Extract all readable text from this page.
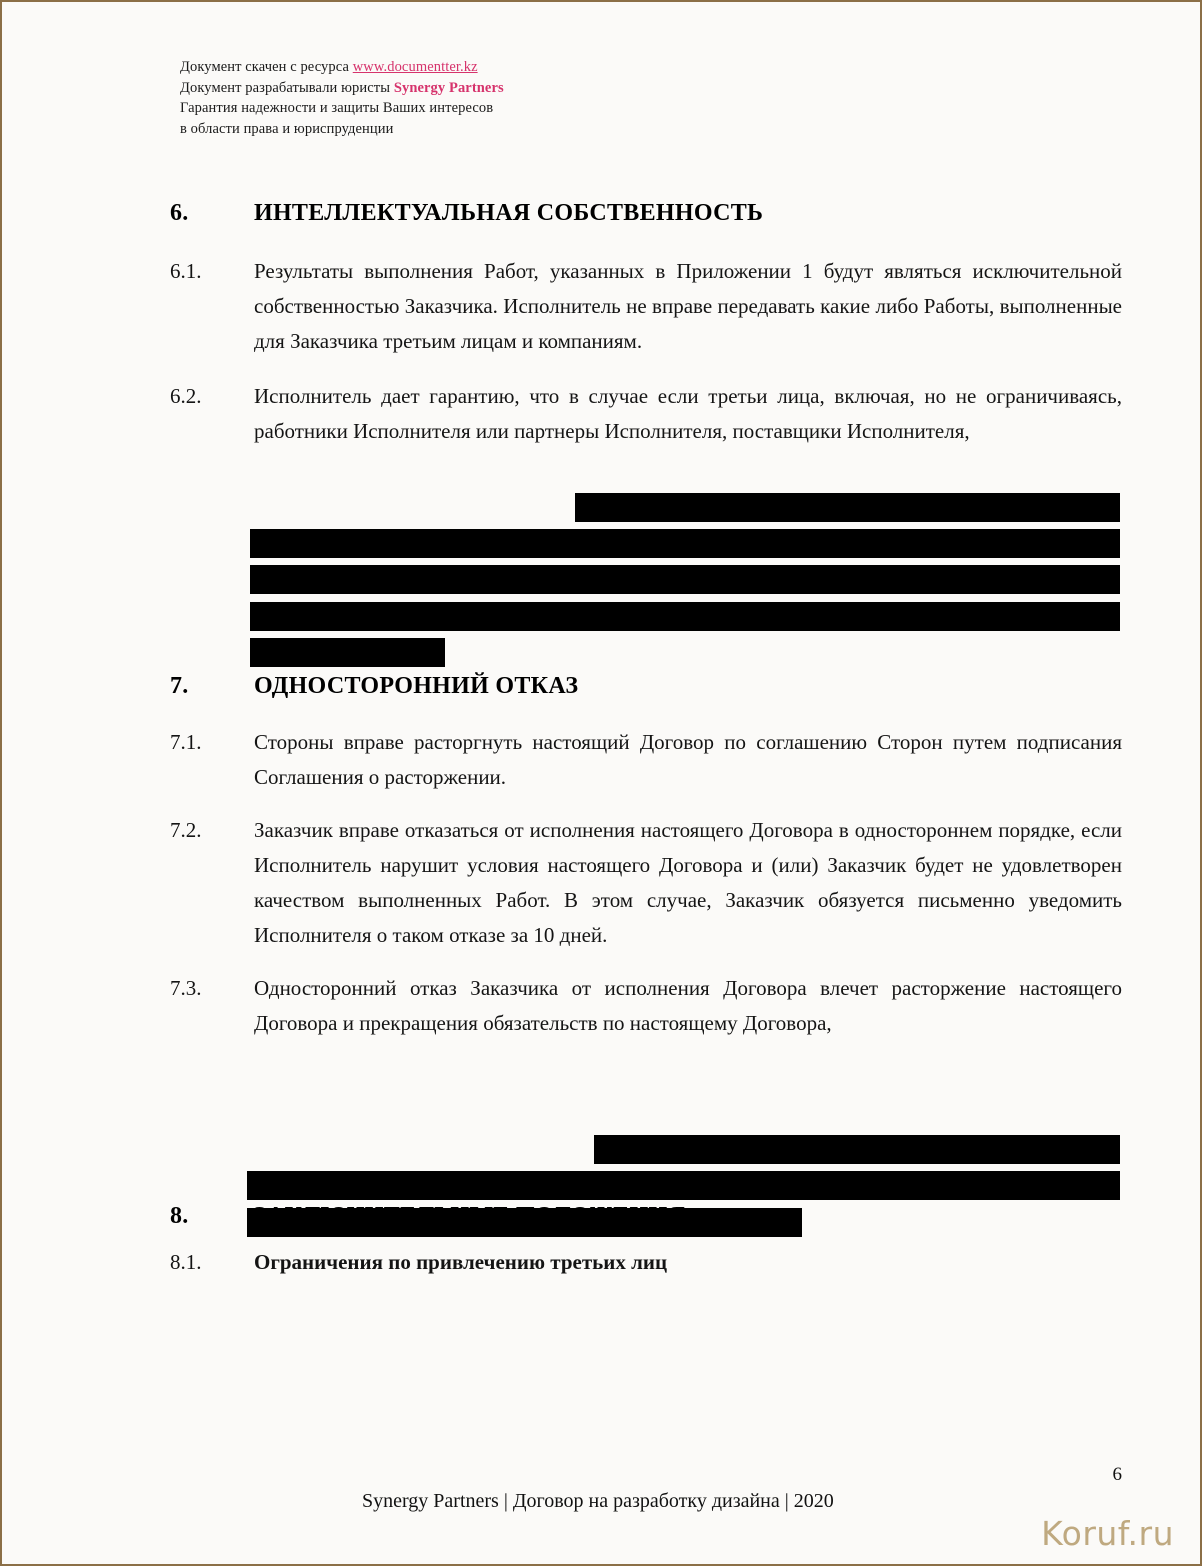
Документ скачен с ресурса www.documentter.kz
Документ разрабатывали юристы Synergy Partners
Гарантия надежности и защиты Ваших интересов
в области права и юриспруденции
6.	ИНТЕЛЛЕКТУАЛЬНАЯ СОБСТВЕННОСТЬ
6.1.	Результаты выполнения Работ, указанных в Приложении 1 будут являться исключительной собственностью Заказчика. Исполнитель не вправе передавать какие либо Работы, выполненные для Заказчика третьим лицам и компаниям.
6.2.	Исполнитель дает гарантию, что в случае если третьи лица, включая, но не ограничиваясь, работники Исполнителя или партнеры Исполнителя, поставщики Исполнителя,
7.	ОДНОСТОРОННИЙ ОТКАЗ
7.1.	Стороны вправе расторгнуть настоящий Договор по соглашению Сторон путем подписания Соглашения о расторжении.
7.2.	Заказчик вправе отказаться от исполнения настоящего Договора в одностороннем порядке, если Исполнитель нарушит условия настоящего Договора и (или) Заказчик будет не удовлетворен качеством выполненных Работ. В этом случае, Заказчик обязуется письменно уведомить Исполнителя о таком отказе за 10 дней.
7.3.	Односторонний отказ Заказчика от исполнения Договора влечет расторжение настоящего Договора и прекращения обязательств по настоящему Договора,
8.
8.1.	Ограничения по привлечению третьих лиц
6
Synergy Partners | Договор на разработку дизайна | 2020
Koruf.ru
